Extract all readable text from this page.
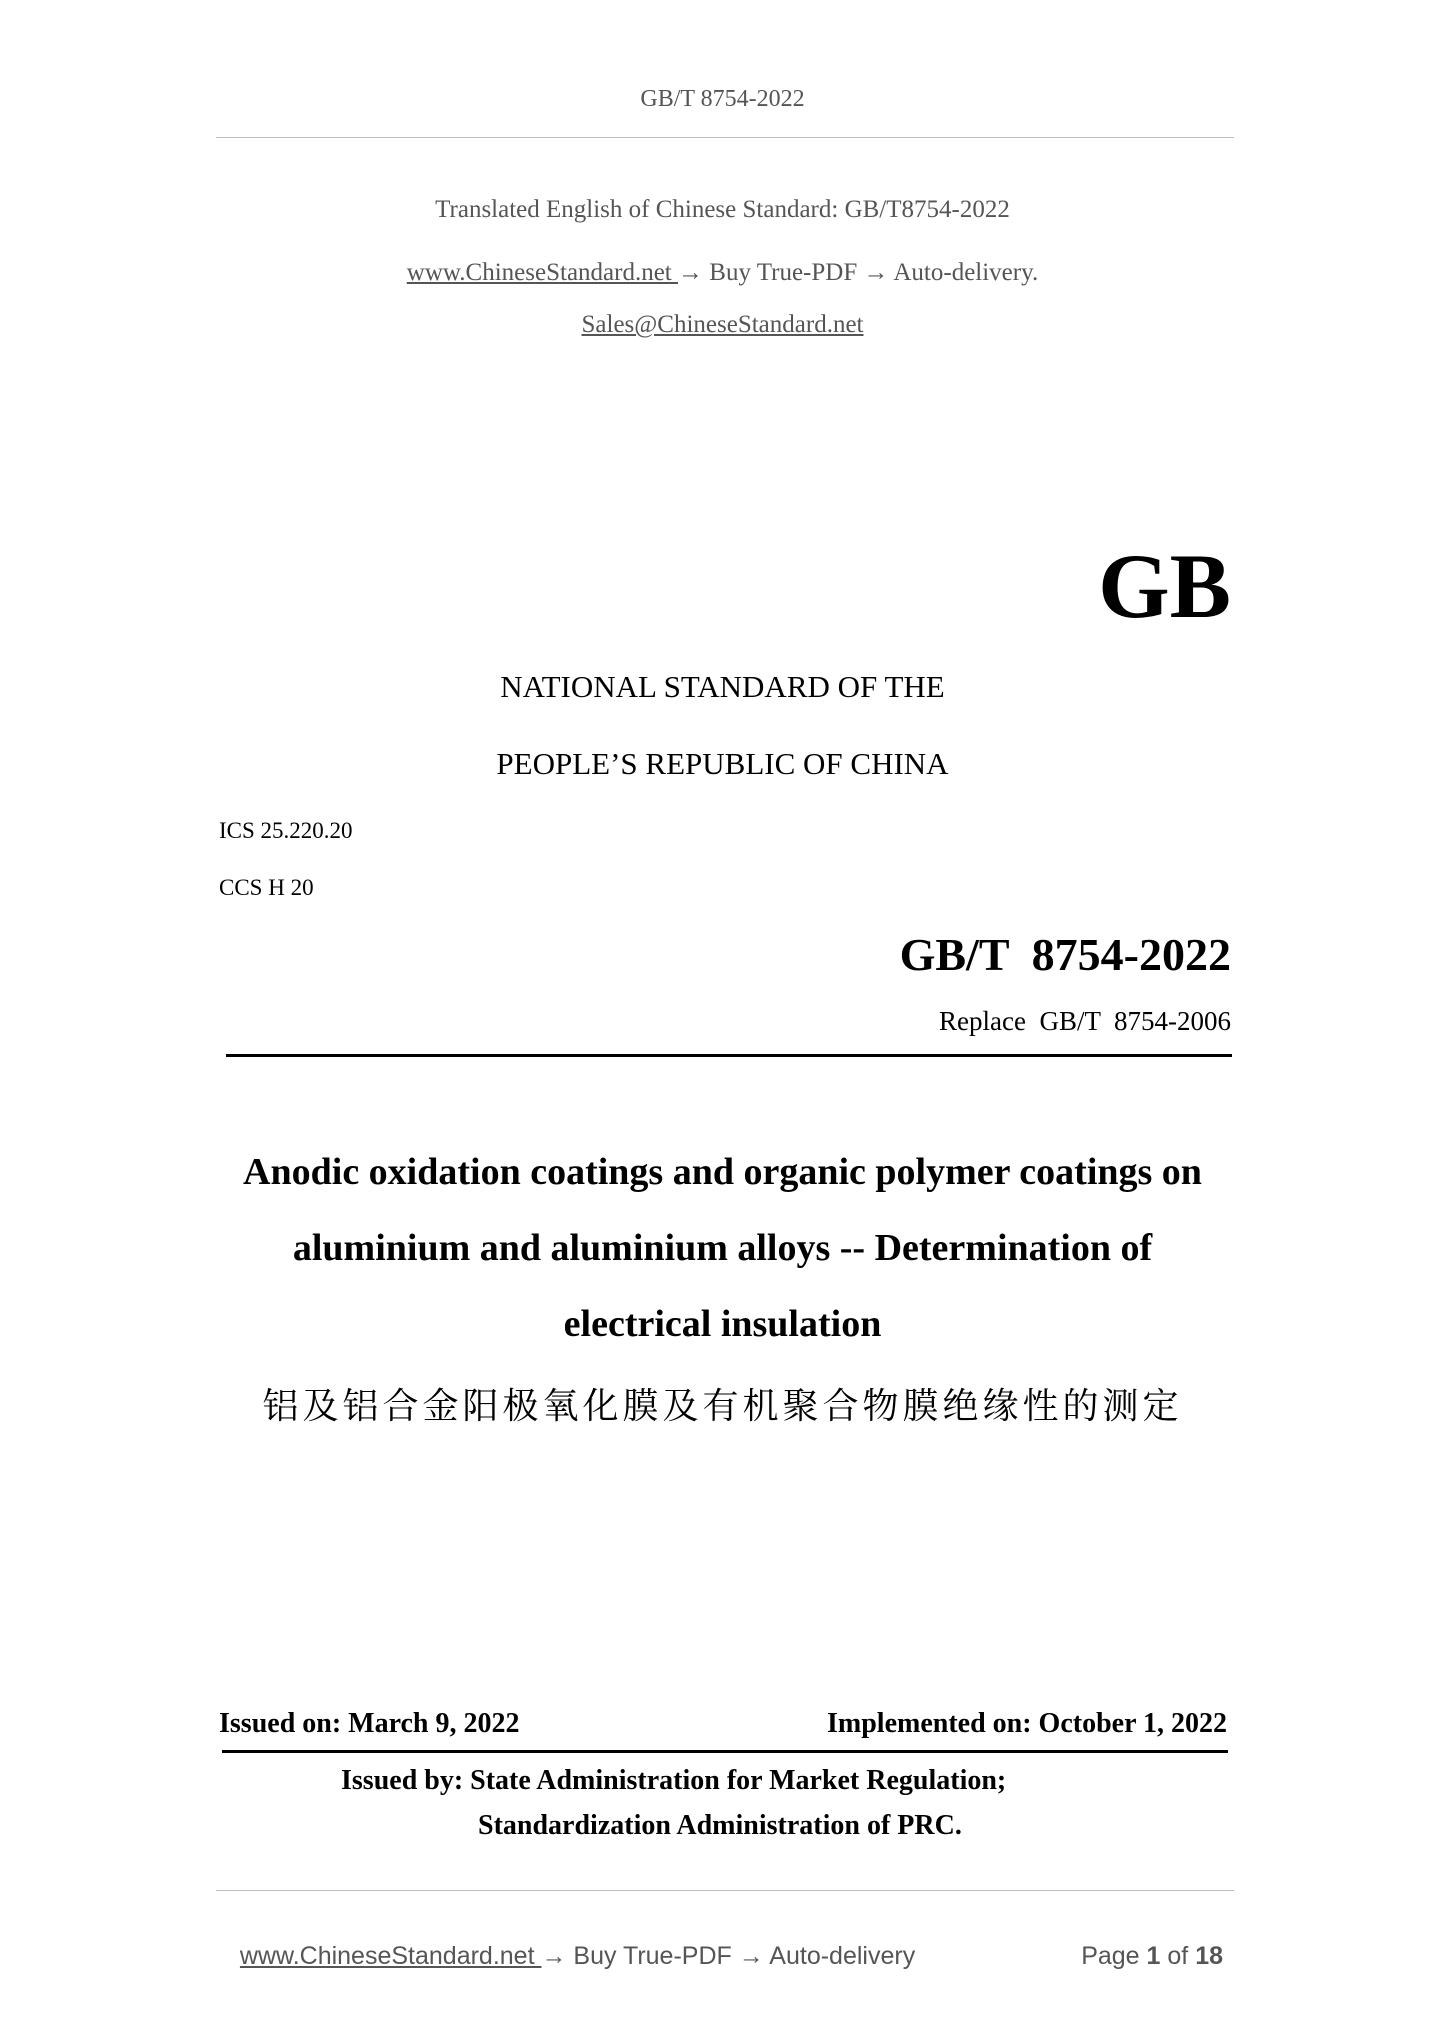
GB/T 8754-2022
Translated English of Chinese Standard: GB/T8754-2022
www.ChineseStandard.net → Buy True-PDF → Auto-delivery.
Sales@ChineseStandard.net
GB
NATIONAL STANDARD OF THE
PEOPLE’S REPUBLIC OF CHINA
ICS 25.220.20
CCS H 20
GB/T  8754-2022
Replace  GB/T  8754-2006
Anodic oxidation coatings and organic polymer coatings on
aluminium and aluminium alloys -- Determination of
electrical insulation
铝及铝合金阳极氧化膜及有机聚合物膜绝缘性的测定
Issued on: March 9, 2022	Implemented on: October 1, 2022
Issued by: State Administration for Market Regulation;
Standardization Administration of PRC.

www.ChineseStandard.net → Buy True-PDF → Auto-delivery	Page 1 of 18
